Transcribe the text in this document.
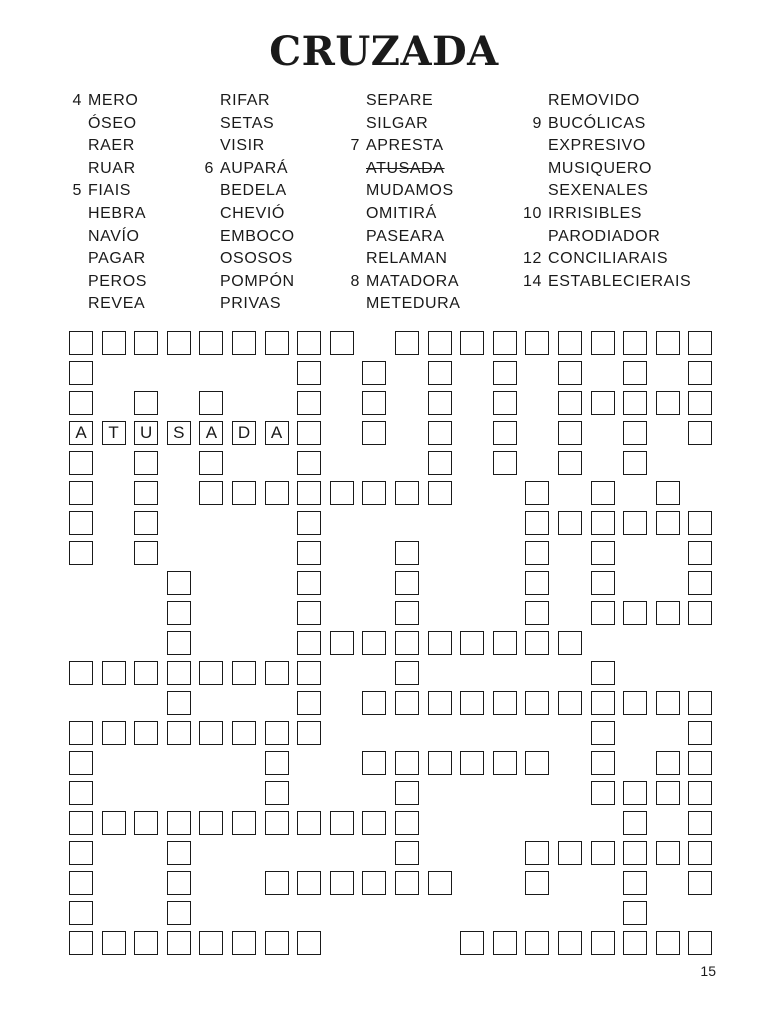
CRUZADA
4 MERO
ÓSEO
RAER
RUAR
5 FIAIS
HEBRA
NAVÍO
PAGAR
PEROS
REVEA
RIFAR
SETAS
VISIR
6 AUPARÁ
BEDELA
CHEVIÓ
EMBOCO
OSOSOS
POMPÓN
PRIVAS
SEPARE
SILGAR
7 APRESTA
ATUSADA
MUDAMOS
OMITIRÁ
PASEARA
RELAMAN
8 MATADORA
METEDURA
REMOVIDO
9 BUCÓLICAS
EXPRESIVO
MUSIQUERO
SEXENALES
10 IRRISIBLES
PARODIADOR
12 CONCILIARAIS
14 ESTABLECIERAIS
A	T	U	S	A	D	A
15
